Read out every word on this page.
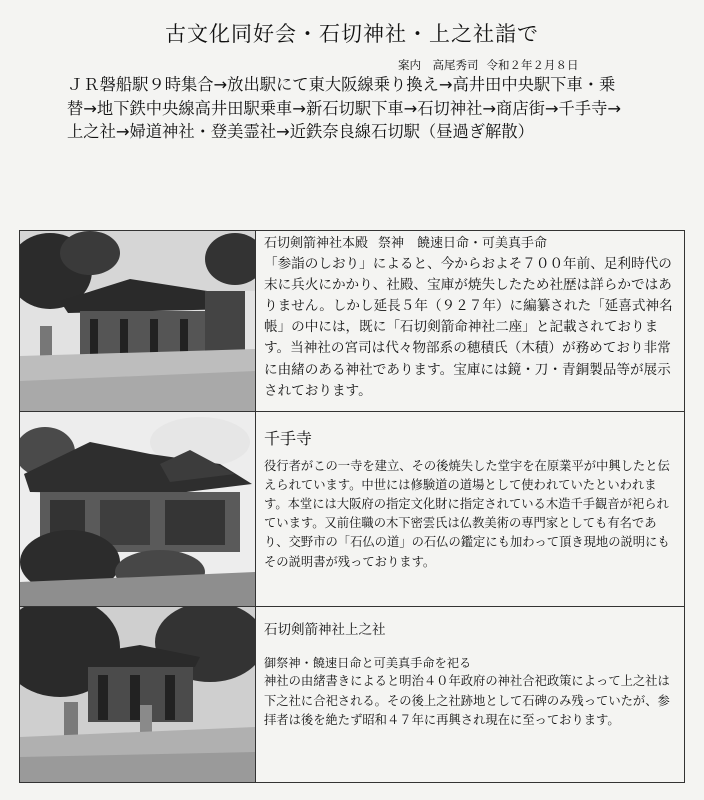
古文化同好会・石切神社・上之社詣で
案内　高尾秀司 令和２年２月８日
ＪＲ磐船駅９時集合→放出駅にて東大阪線乗り換え→高井田中央駅下車・乗替→地下鉄中央線高井田駅乗車→新石切駅下車→石切神社→商店街→千手寺→上之社→婦道神社・登美霊社→近鉄奈良線石切駅（昼過ぎ解散）
石切剣箭神社本殿 祭神　饒速日命・可美真手命

「参詣のしおり」によると、今からおよそ７００年前、足利時代の末に兵火にかかり、社殿、宝庫が焼失したため社歴は詳らかではありません。しかし延長５年（９２７年）に編纂された「延喜式神名帳」の中には，既に「石切剣箭命神社二座」と記載されております。当神社の宮司は代々物部系の穂積氏（木積）が務めており非常に由緒のある神社であります。宝庫には鏡・刀・青銅製品等が展示されております。

千手寺

役行者がこの一寺を建立、その後焼失した堂宇を在原業平が中興したと伝えられています。中世には修験道の道場として使われていたといわれます。本堂には大阪府の指定文化財に指定されている木造千手観音が祀られています。又前住職の木下密雲氏は仏教美術の専門家としても有名であり、交野市の「石仏の道」の石仏の鑑定にも加わって頂き現地の説明にもその説明書が残っております。

石切剣箭神社上之社
御祭神・饒速日命と可美真手命を祀る

神社の由緒書きによると明治４０年政府の神社合祀政策によって上之社は下之社に合祀される。その後上之社跡地として石碑のみ残っていたが、参拝者は後を絶たず昭和４７年に再興され現在に至っております。
